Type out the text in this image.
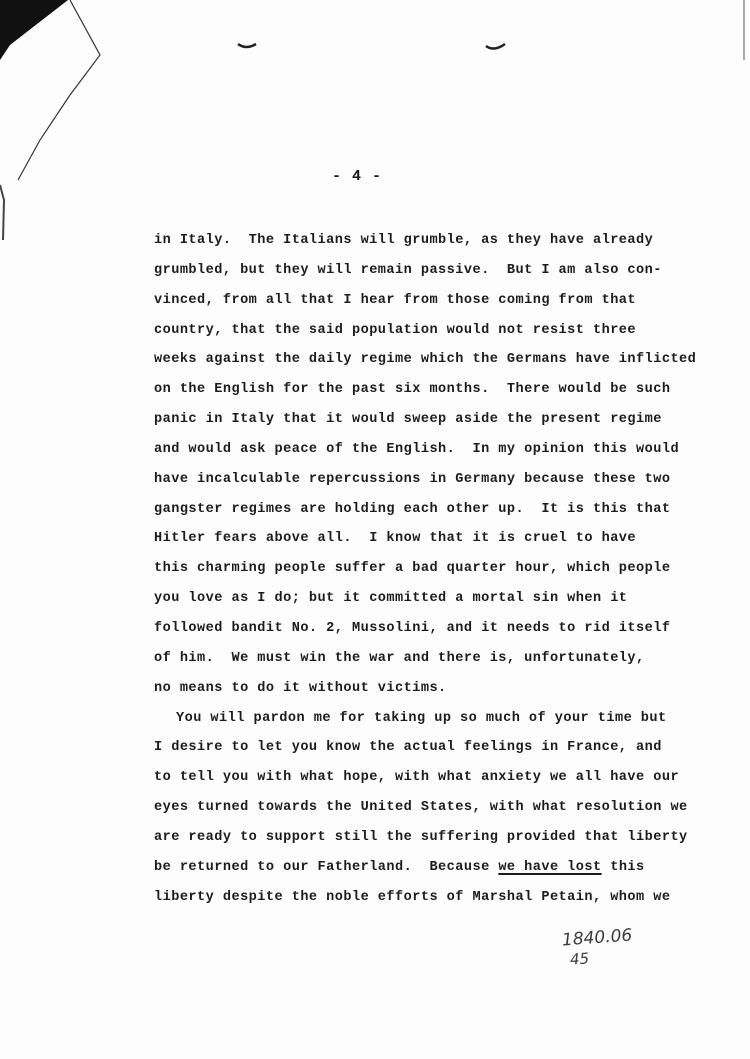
- 4 -
in Italy.  The Italians will grumble, as they have already
grumbled, but they will remain passive.  But I am also con-
vinced, from all that I hear from those coming from that
country, that the said population would not resist three
weeks against the daily regime which the Germans have inflicted
on the English for the past six months.  There would be such
panic in Italy that it would sweep aside the present regime
and would ask peace of the English.  In my opinion this would
have incalculable repercussions in Germany because these two
gangster regimes are holding each other up.  It is this that
Hitler fears above all.  I know that it is cruel to have
this charming people suffer a bad quarter hour, which people
you love as I do; but it committed a mortal sin when it
followed bandit No. 2, Mussolini, and it needs to rid itself
of him.  We must win the war and there is, unfortunately,
no means to do it without victims.
You will pardon me for taking up so much of your time but
I desire to let you know the actual feelings in France, and
to tell you with what hope, with what anxiety we all have our
eyes turned towards the United States, with what resolution we
are ready to support still the suffering provided that liberty
be returned to our Fatherland.  Because we have lost this
liberty despite the noble efforts of Marshal Petain, whom we
1840.06
45
